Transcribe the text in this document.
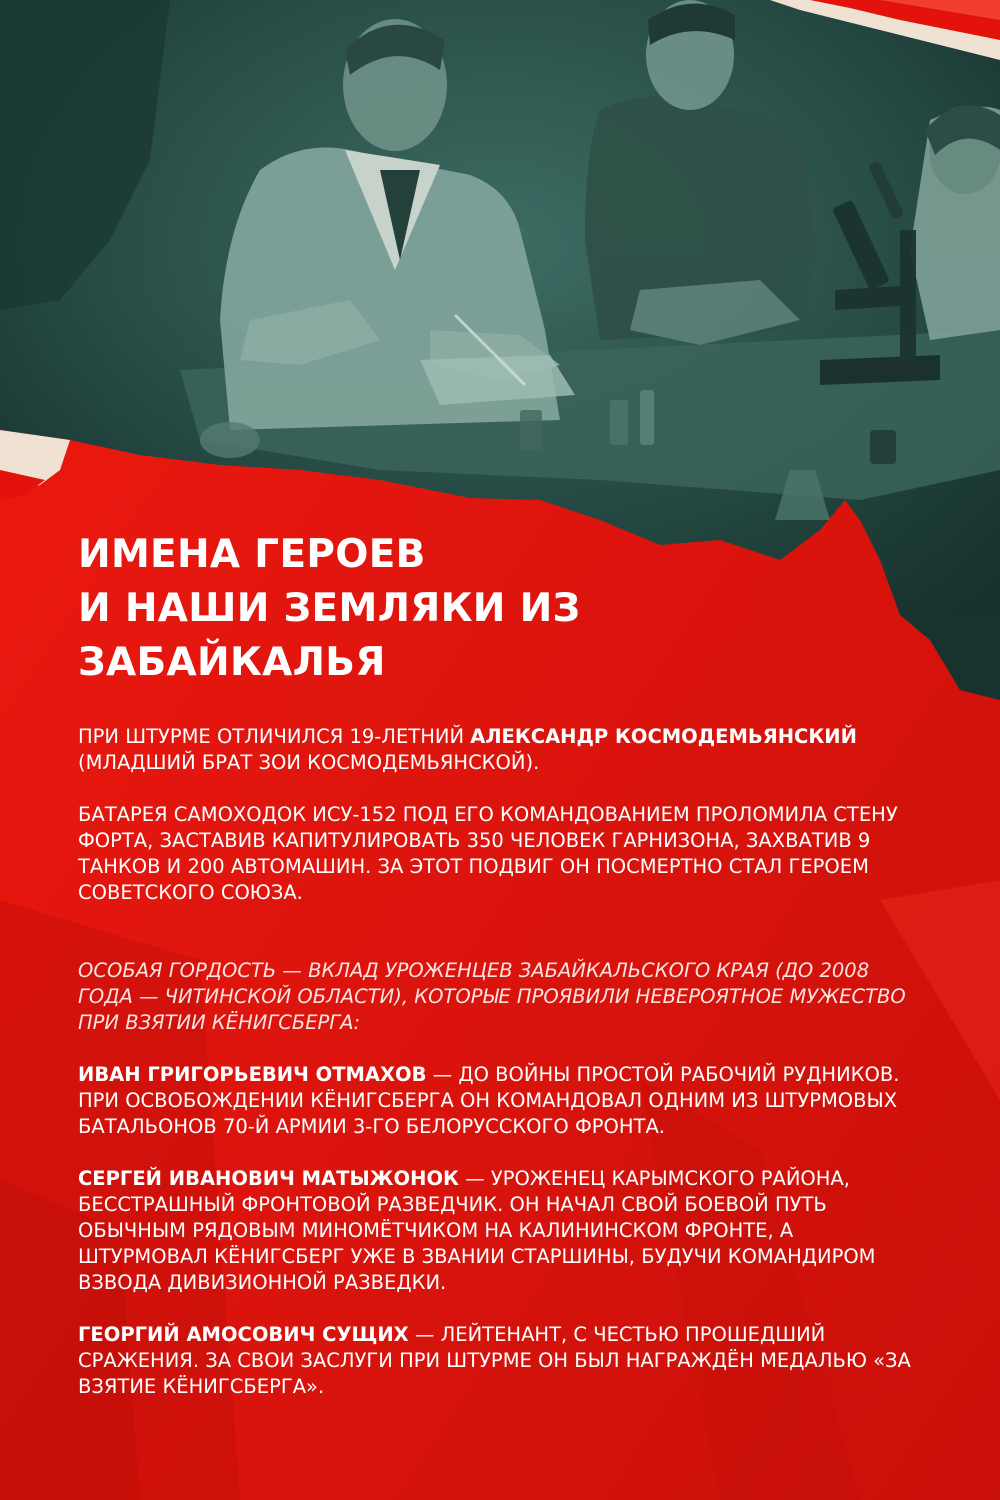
ИМЕНА ГЕРОЕВ
И НАШИ ЗЕМЛЯКИ ИЗ
ЗАБАЙКАЛЬЯ

ПРИ ШТУРМЕ ОТЛИЧИЛСЯ 19-ЛЕТНИЙ АЛЕКСАНДР КОСМОДЕМЬЯНСКИЙ (МЛАДШИЙ БРАТ ЗОИ КОСМОДЕМЬЯНСКОЙ).

БАТАРЕЯ САМОХОДОК ИСУ-152 ПОД ЕГО КОМАНДОВАНИЕМ ПРОЛОМИЛА СТЕНУ ФОРТА, ЗАСТАВИВ КАПИТУЛИРОВАТЬ 350 ЧЕЛОВЕК ГАРНИЗОНА, ЗАХВАТИВ 9 ТАНКОВ И 200 АВТОМАШИН. ЗА ЭТОТ ПОДВИГ ОН ПОСМЕРТНО СТАЛ ГЕРОЕМ СОВЕТСКОГО СОЮЗА.

ОСОБАЯ ГОРДОСТЬ — ВКЛАД УРОЖЕНЦЕВ ЗАБАЙКАЛЬСКОГО КРАЯ (ДО 2008 ГОДА — ЧИТИНСКОЙ ОБЛАСТИ), КОТОРЫЕ ПРОЯВИЛИ НЕВЕРОЯТНОЕ МУЖЕСТВО ПРИ ВЗЯТИИ КЁНИГСБЕРГА:

ИВАН ГРИГОРЬЕВИЧ ОТМАХОВ — ДО ВОЙНЫ ПРОСТОЙ РАБОЧИЙ РУДНИКОВ. ПРИ ОСВОБОЖДЕНИИ КЁНИГСБЕРГА ОН КОМАНДОВАЛ ОДНИМ ИЗ ШТУРМОВЫХ БАТАЛЬОНОВ 70-Й АРМИИ 3-ГО БЕЛОРУССКОГО ФРОНТА.

СЕРГЕЙ ИВАНОВИЧ МАТЫЖОНОК — УРОЖЕНЕЦ КАРЫМСКОГО РАЙОНА, БЕССТРАШНЫЙ ФРОНТОВОЙ РАЗВЕДЧИК. ОН НАЧАЛ СВОЙ БОЕВОЙ ПУТЬ ОБЫЧНЫМ РЯДОВЫМ МИНОМЁТЧИКОМ НА КАЛИНИНСКОМ ФРОНТЕ, А ШТУРМОВАЛ КЁНИГСБЕРГ УЖЕ В ЗВАНИИ СТАРШИНЫ, БУДУЧИ КОМАНДИРОМ ВЗВОДА ДИВИЗИОННОЙ РАЗВЕДКИ.

ГЕОРГИЙ АМОСОВИЧ СУЩИХ — ЛЕЙТЕНАНТ, С ЧЕСТЬЮ ПРОШЕДШИЙ СРАЖЕНИЯ. ЗА СВОИ ЗАСЛУГИ ПРИ ШТУРМЕ ОН БЫЛ НАГРАЖДЁН МЕДАЛЬЮ «ЗА ВЗЯТИЕ КЁНИГСБЕРГА».
